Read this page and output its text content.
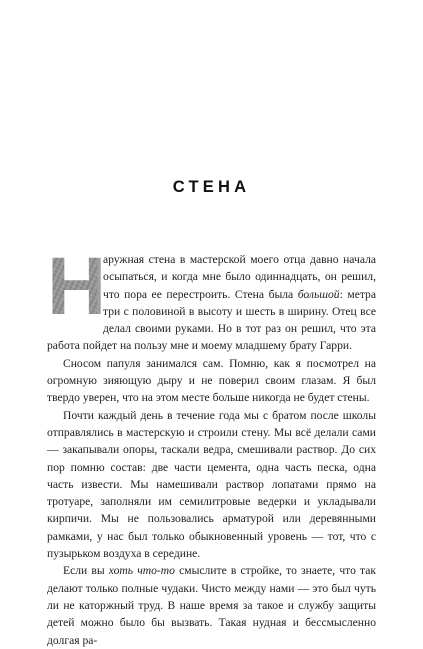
СТЕНА

Н
Н
аружная стена в мастерской моего отца давно начала осыпаться, и когда мне было одиннадцать, он решил, что пора ее перестроить. Стена была большой: метра три с половиной в высоту и шесть в ширину. Отец все делал своими руками. Но в тот раз он решил, что эта работа пойдет на пользу мне и моему младшему брату Гарри.

Сносом папуля занимался сам. Помню, как я посмотрел на огромную зияющую дыру и не поверил своим глазам. Я был твердо уверен, что на этом месте больше никогда не будет стены.

Почти каждый день в течение года мы с братом после школы отправлялись в мастерскую и строили стену. Мы всё делали сами — закапывали опоры, таскали ведра, смешивали раствор. До сих пор помню состав: две части цемента, одна часть песка, одна часть извести. Мы намешивали раствор лопатами прямо на тротуаре, заполняли им семилитровые ведерки и укладывали кирпичи. Мы не пользовались арматурой или деревянными рамками, у нас был только обыкновенный уровень — тот, что с пузырьком воздуха в середине.

Если вы хоть что-то смыслите в стройке, то знаете, что так делают только полные чудаки. Чисто между нами — это был чуть ли не каторжный труд. В наше время за такое и службу защиты детей можно было бы вызвать. Такая нудная и бессмысленно долгая ра-
